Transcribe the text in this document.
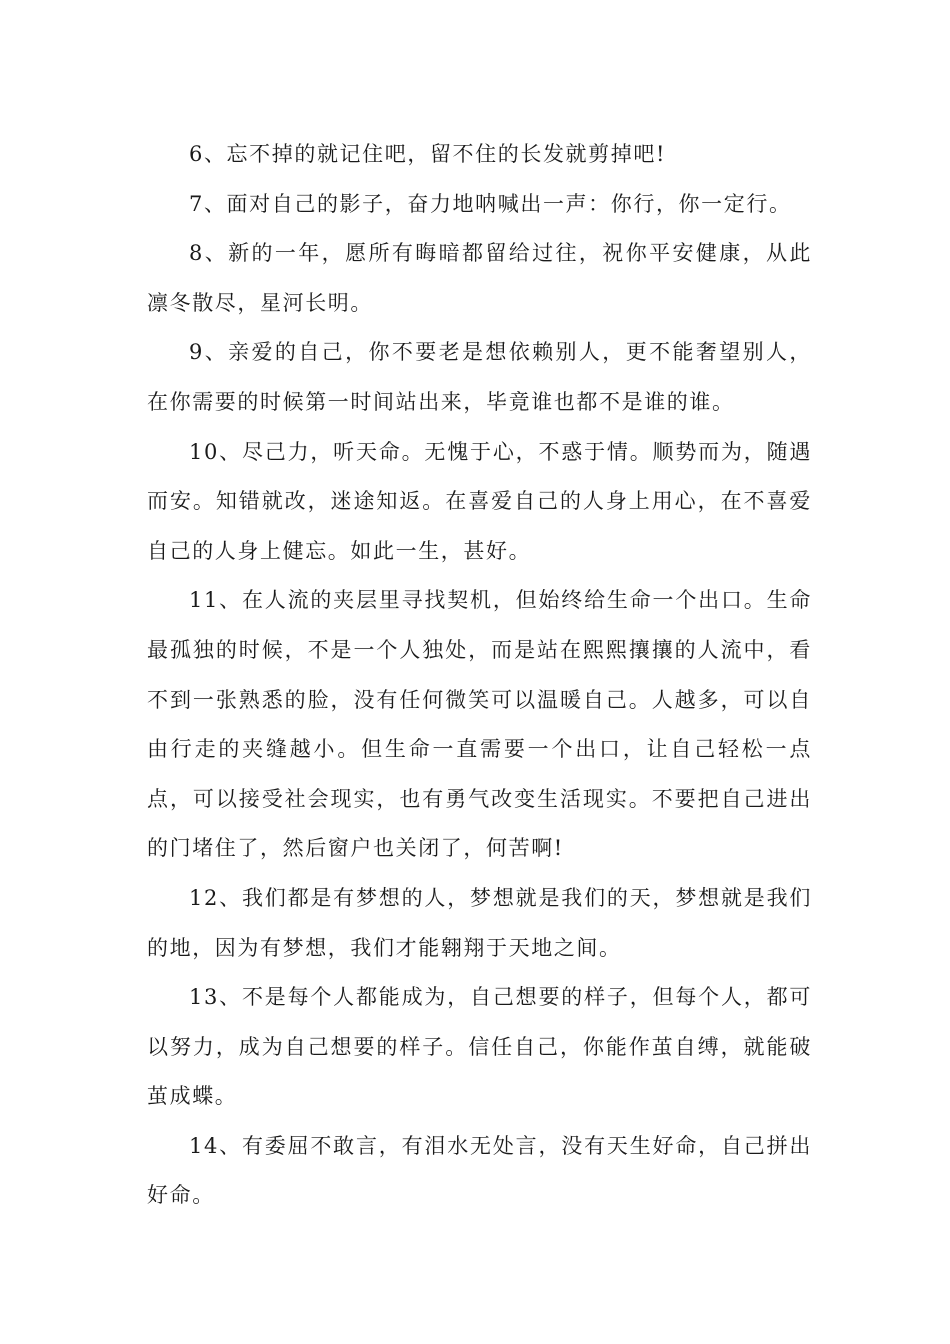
6、忘不掉的就记住吧，留不住的长发就剪掉吧!

7、面对自己的影子，奋力地呐喊出一声：你行，你一定行。

8、新的一年，愿所有晦暗都留给过往，祝你平安健康，从此凛冬散尽，星河长明。

9、亲爱的自己，你不要老是想依赖别人，更不能奢望别人，在你需要的时候第一时间站出来，毕竟谁也都不是谁的谁。

10、尽己力，听天命。无愧于心，不惑于情。顺势而为，随遇而安。知错就改，迷途知返。在喜爱自己的人身上用心，在不喜爱自己的人身上健忘。如此一生，甚好。

11、在人流的夹层里寻找契机，但始终给生命一个出口。生命最孤独的时候，不是一个人独处，而是站在熙熙攘攘的人流中，看不到一张熟悉的脸，没有任何微笑可以温暖自己。人越多，可以自由行走的夹缝越小。但生命一直需要一个出口，让自己轻松一点点，可以接受社会现实，也有勇气改变生活现实。不要把自己进出的门堵住了，然后窗户也关闭了，何苦啊!

12、我们都是有梦想的人，梦想就是我们的天，梦想就是我们的地，因为有梦想，我们才能翱翔于天地之间。

13、不是每个人都能成为，自己想要的样子，但每个人，都可以努力，成为自己想要的样子。信任自己，你能作茧自缚，就能破茧成蝶。

14、有委屈不敢言，有泪水无处言，没有天生好命，自己拼出好命。
